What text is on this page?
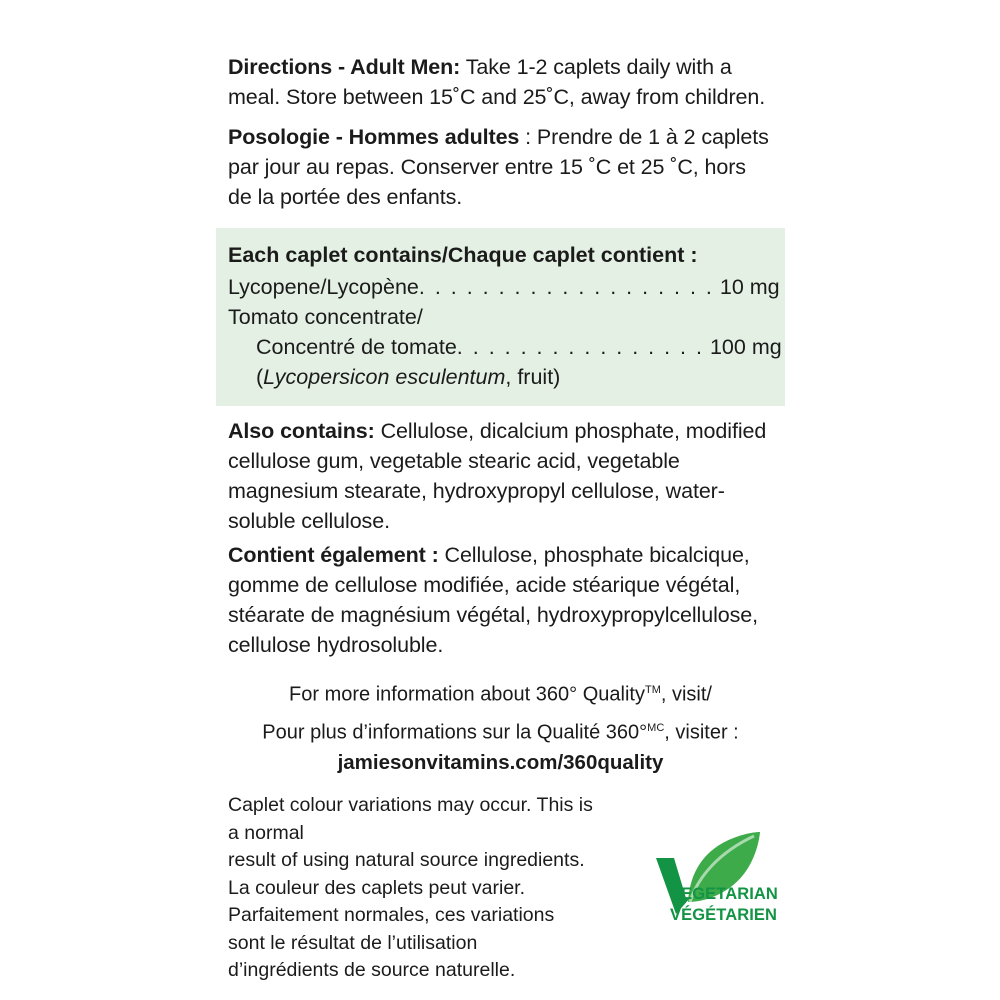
Directions - Adult Men: Take 1-2 caplets daily with a meal. Store between 15˚C and 25˚C, away from children.
Posologie - Hommes adultes : Prendre de 1 à 2 caplets par jour au repas. Conserver entre 15 ˚C et 25 ˚C, hors de la portée des enfants.
Each caplet contains/Chaque caplet contient :
Lycopene/Lycopène. . . . . . . . . . . . . . . . . . . 10 mg
Tomato concentrate/
Concentré de tomate. . . . . . . . . . . . . . . . 100 mg
(Lycopersicon esculentum, fruit)
Also contains: Cellulose, dicalcium phosphate, modified cellulose gum, vegetable stearic acid, vegetable magnesium stearate, hydroxypropyl cellulose, water-soluble cellulose.
Contient également : Cellulose, phosphate bicalcique, gomme de cellulose modifiée, acide stéarique végétal, stéarate de magnésium végétal, hydroxypropylcellulose, cellulose hydrosoluble.
For more information about 360° Quality™, visit/
Pour plus d’informations sur la Qualité 360°$^{MC}$, visiter :
jamiesonvitamins.com/360quality
Caplet colour variations may occur. This is a normal
result of using natural source ingredients.
La couleur des caplets peut varier.
Parfaitement normales, ces variations
sont le résultat de l’utilisation
d’ingrédients de source naturelle.
VEGETARIAN
VÉGÉTARIEN
